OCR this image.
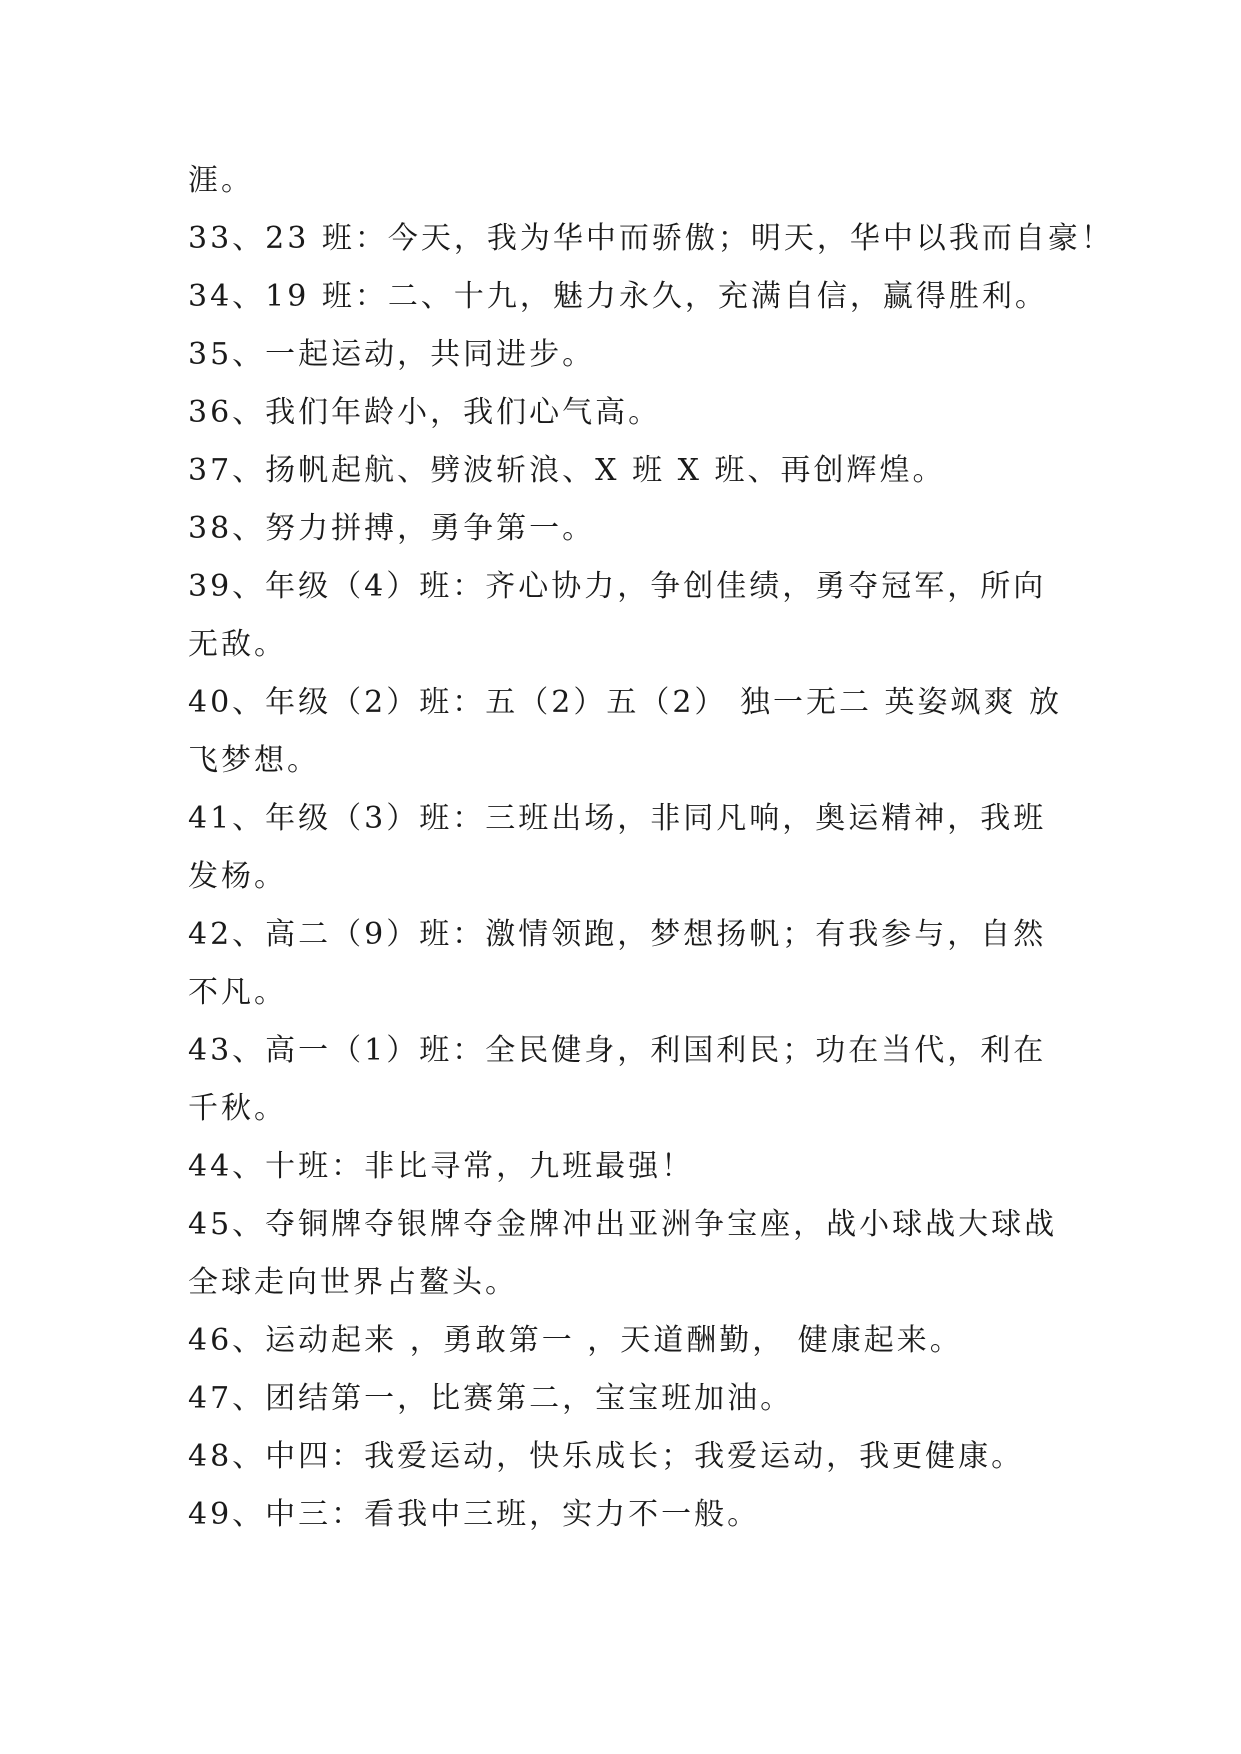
涯。
33、23 班：今天，我为华中而骄傲；明天，华中以我而自豪！
34、19 班：二、十九，魅力永久，充满自信，赢得胜利。
35、一起运动，共同进步。
36、我们年龄小，我们心气高。
37、扬帆起航、劈波斩浪、X 班 X 班、再创辉煌。
38、努力拼搏，勇争第一。
39、年级（4）班：齐心协力，争创佳绩，勇夺冠军，所向
无敌。
40、年级（2）班：五（2）五（2） 独一无二 英姿飒爽 放
飞梦想。
41、年级（3）班：三班出场，非同凡响，奥运精神，我班
发杨。
42、高二（9）班：激情领跑，梦想扬帆；有我参与，自然
不凡。
43、高一（1）班：全民健身，利国利民；功在当代，利在
千秋。
44、十班：非比寻常，九班最强！
45、夺铜牌夺银牌夺金牌冲出亚洲争宝座，战小球战大球战
全球走向世界占鳌头。
46、运动起来 ，勇敢第一 ，天道酬勤， 健康起来。
47、团结第一，比赛第二，宝宝班加油。
48、中四：我爱运动，快乐成长；我爱运动，我更健康。
49、中三：看我中三班，实力不一般。
